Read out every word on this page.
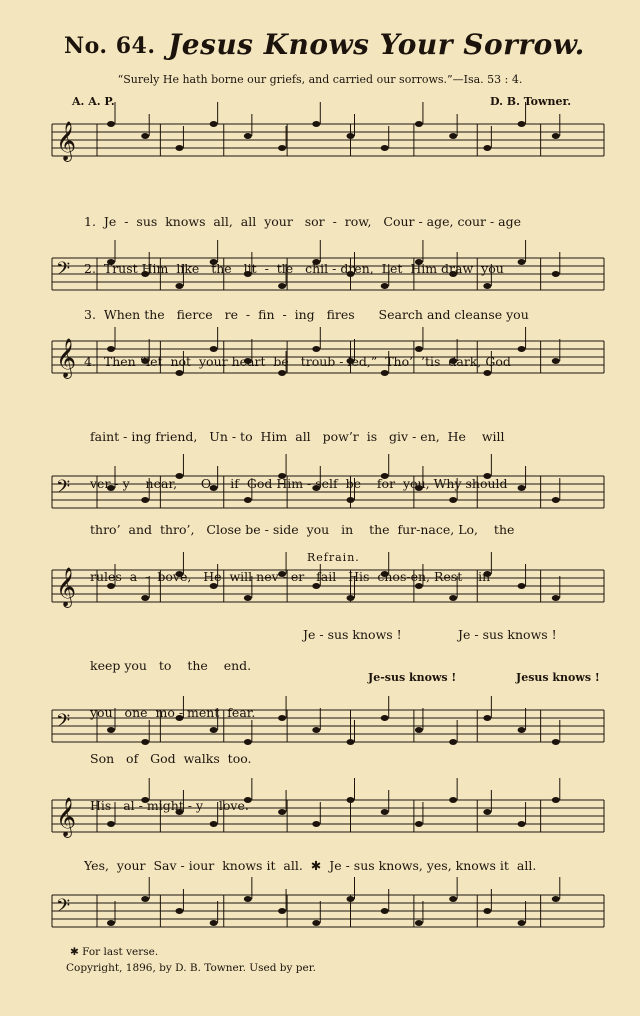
No. 64. Jesus Knows Your Sorrow.
“Surely He hath borne our griefs, and carried our sorrows.”—Isa. 53 : 4.
A. A. P.	D. B. Towner.
𝄞
𝄢
𝄞
𝄢
𝄞
𝄢
𝄞
𝄢

1.  Je  -  sus  knows  all,  all  your   sor  -  row,   Cour - age, cour - age

2.  Trust Him  like   the   lit  -  tle   chil - dren,  Let  Him draw  you

3.  When the   fierce   re  -  fin  -  ing   fires      Search and cleanse you

4.  Then “let  not  your heart  be   troub - led,”  Tho’  ’tis  dark, God

faint - ing friend,   Un - to  Him  all   pow’r  is   giv - en,  He    will

ver - y    near,      O,    if  God Him - self  be    for  you, Why should

thro’  and  thro’,   Close be - side  you   in    the  fur-nace, Lo,    the

rules  a  -  bove,   He  will nev - er   fail   His  chos-en, Rest    in

keep you   to    the    end.

you   one  mo - ment  fear.

Son   of   God  walks  too.

His   al - might - y    love.

Refrain.
Je - sus knows !	Je - sus knows !
Je-sus knows !	Jesus knows !
Yes,  your  Sav - iour  knows it  all.  ✱  Je - sus knows, yes, knows it  all.
✱ For last verse.
Copyright, 1896, by D. B. Towner. Used by per.
